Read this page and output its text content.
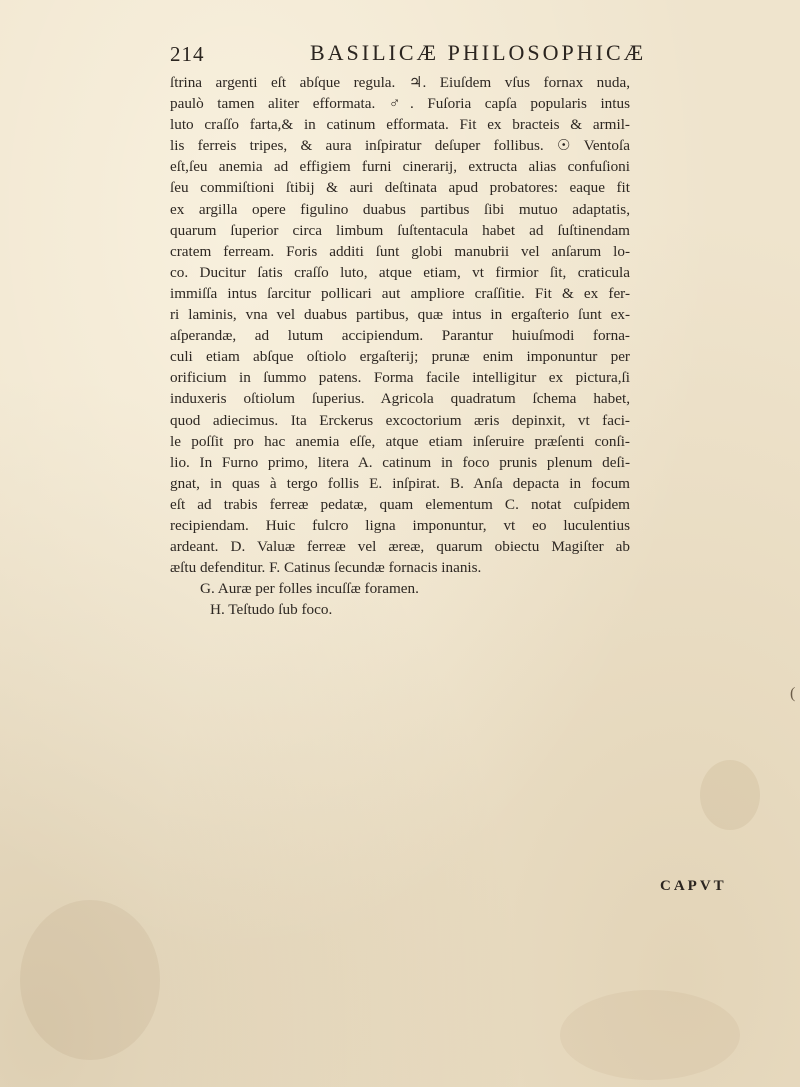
214	BASILICÆ PHILOSOPHICÆ
ſtrina argenti eſt abſque regula. ♃. Eiuſdem vſus fornax nuda,
paulò tamen aliter efformata. ♂. Fuſoria capſa popularis intus
luto craſſo farta,& in catinum efformata. Fit ex bracteis & armil-
lis ferreis tripes, & aura inſpiratur deſuper follibus. ☉ Ventoſa
eſt,ſeu anemia ad effigiem furni cinerarij, extructa alias confuſioni
ſeu commiſtioni ſtibij & auri deſtinata apud probatores: eaque fit
ex argilla opere figulino duabus partibus ſibi mutuo adaptatis,
quarum ſuperior circa limbum ſuſtentacula habet ad ſuſtinendam
cratem ferream. Foris additi ſunt globi manubrii vel anſarum lo-
co. Ducitur ſatis craſſo luto, atque etiam, vt firmior ſit, craticula
immiſſa intus ſarcitur pollicari aut ampliore craſſitie. Fit & ex fer-
ri laminis, vna vel duabus partibus, quæ intus in ergaſterio ſunt ex-
aſperandæ, ad lutum accipiendum. Parantur huiuſmodi forna-
culi etiam abſque oſtiolo ergaſterij; prunæ enim imponuntur per
orificium in ſummo patens. Forma facile intelligitur ex pictura,ſi
induxeris oſtiolum ſuperius. Agricola quadratum ſchema habet,
quod adiecimus. Ita Erckerus excoctorium æris depinxit, vt faci-
le poſſit pro hac anemia eſſe, atque etiam inſeruire præſenti conſi-
lio. In Furno primo, litera A. catinum in foco prunis plenum deſi-
gnat, in quas à tergo follis E. inſpirat. B. Anſa depacta in focum
eſt ad trabis ferreæ pedatæ, quam elementum C. notat cuſpidem
recipiendam. Huic fulcro ligna imponuntur, vt eo luculentius
ardeant. D. Valuæ ferreæ vel æreæ, quarum obiectu Magiſter ab
æſtu defenditur. F. Catinus ſecundæ fornacis inanis.
G. Auræ per folles incuſſæ foramen.
H. Teſtudo ſub foco.
CAPVT
(
